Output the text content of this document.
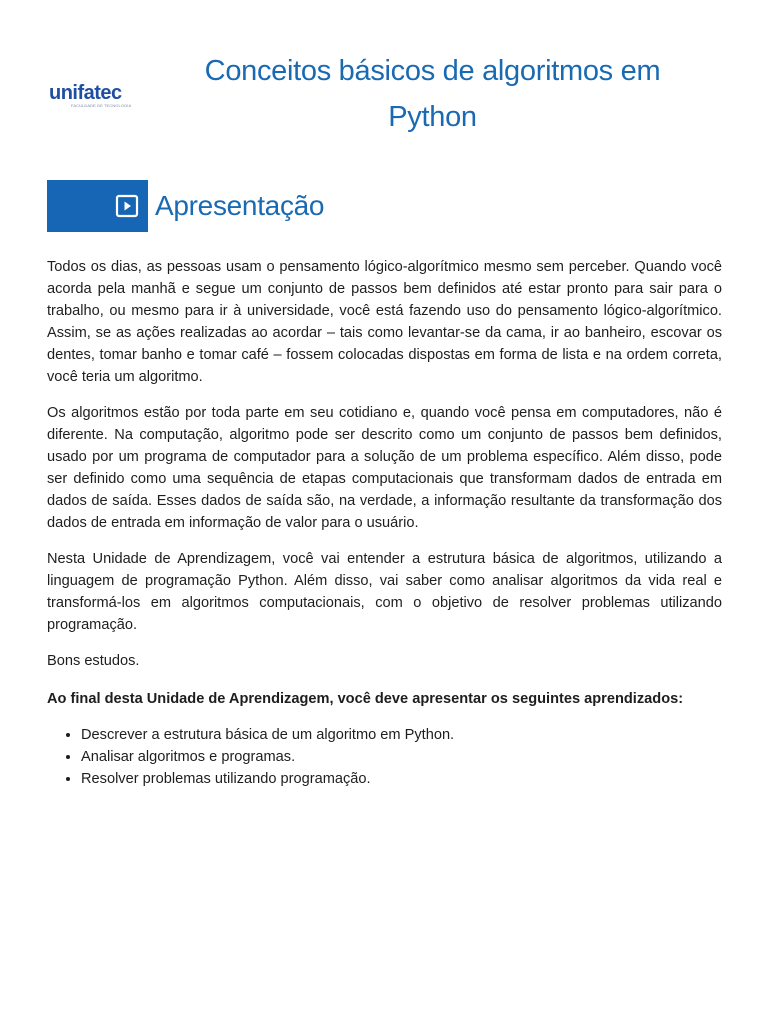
unifatec
FACULDADE DE TECNOLOGIA
Conceitos básicos de algoritmos em Python
Apresentação

Todos os dias, as pessoas usam o pensamento lógico-algorítmico mesmo sem perceber. Quando você acorda pela manhã e segue um conjunto de passos bem definidos até estar pronto para sair para o trabalho, ou mesmo para ir à universidade, você está fazendo uso do pensamento lógico-algorítmico. Assim, se as ações realizadas ao acordar – tais como levantar-se da cama, ir ao banheiro, escovar os dentes, tomar banho e tomar café – fossem colocadas dispostas em forma de lista e na ordem correta, você teria um algoritmo.

Os algoritmos estão por toda parte em seu cotidiano e, quando você pensa em computadores, não é diferente. Na computação, algoritmo pode ser descrito como um conjunto de passos bem definidos, usado por um programa de computador para a solução de um problema específico. Além disso, pode ser definido como uma sequência de etapas computacionais que transformam dados de entrada em dados de saída. Esses dados de saída são, na verdade, a informação resultante da transformação dos dados de entrada em informação de valor para o usuário.

Nesta Unidade de Aprendizagem, você vai entender a estrutura básica de algoritmos, utilizando a linguagem de programação Python. Além disso, vai saber como analisar algoritmos da vida real e transformá-los em algoritmos computacionais, com o objetivo de resolver problemas utilizando programação.

Bons estudos.

Ao final desta Unidade de Aprendizagem, você deve apresentar os seguintes aprendizados:

• Descrever a estrutura básica de um algoritmo em Python.
• Analisar algoritmos e programas.
• Resolver problemas utilizando programação.
